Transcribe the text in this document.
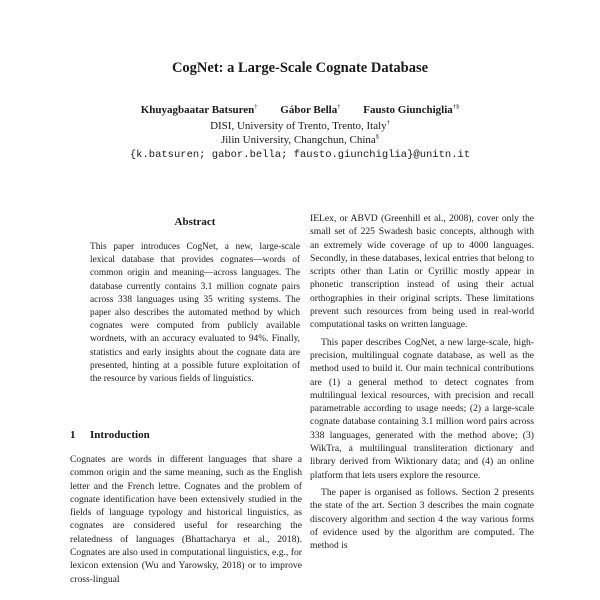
CogNet: a Large-Scale Cognate Database
Khuyagbaatar Batsuren† Gábor Bella† Fausto Giunchiglia†§
DISI, University of Trento, Trento, Italy†
Jilin University, Changchun, China§
{k.batsuren; gabor.bella; fausto.giunchiglia}@unitn.it
Abstract

This paper introduces CogNet, a new, large-scale lexical database that provides cognates—words of common origin and meaning—across languages. The database currently contains 3.1 million cognate pairs across 338 languages using 35 writing systems. The paper also describes the automated method by which cognates were computed from publicly available wordnets, with an accuracy evaluated to 94%. Finally, statistics and early insights about the cognate data are presented, hinting at a possible future exploitation of the resource by various fields of linguistics.

1 Introduction

Cognates are words in different languages that share a common origin and the same meaning, such as the English letter and the French lettre. Cognates and the problem of cognate identification have been extensively studied in the fields of language typology and historical linguistics, as cognates are considered useful for researching the relatedness of languages (Bhattacharya et al., 2018). Cognates are also used in computational linguistics, e.g., for lexicon extension (Wu and Yarowsky, 2018) or to improve cross-lingual

IELex, or ABVD (Greenhill et al., 2008), cover only the small set of 225 Swadesh basic concepts, although with an extremely wide coverage of up to 4000 languages. Secondly, in these databases, lexical entries that belong to scripts other than Latin or Cyrillic mostly appear in phonetic transcription instead of using their actual orthographies in their original scripts. These limitations prevent such resources from being used in real-world computational tasks on written language.

This paper describes CogNet, a new large-scale, high-precision, multilingual cognate database, as well as the method used to build it. Our main technical contributions are (1) a general method to detect cognates from multilingual lexical resources, with precision and recall parametrable according to usage needs; (2) a large-scale cognate database containing 3.1 million word pairs across 338 languages, generated with the method above; (3) WikTra, a multilingual transliteration dictionary and library derived from Wiktionary data; and (4) an online platform that lets users explore the resource.

The paper is organised as follows. Section 2 presents the state of the art. Section 3 describes the main cognate discovery algorithm and section 4 the way various forms of evidence used by the algorithm are computed. The method is
